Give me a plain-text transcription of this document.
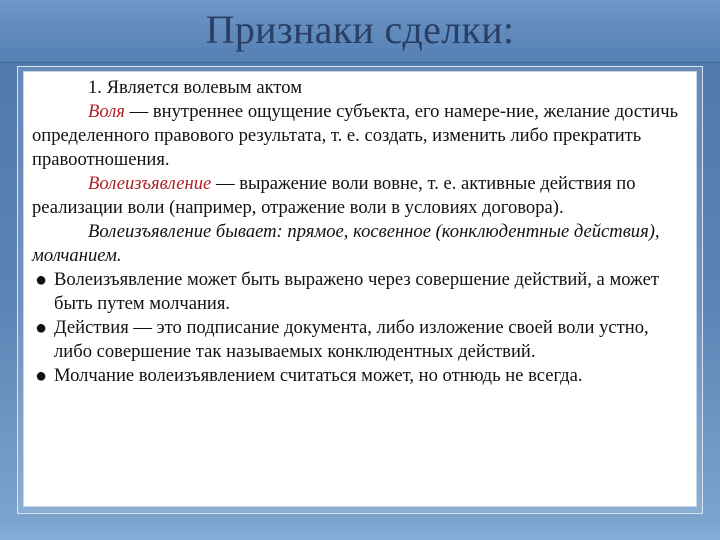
Признаки сделки:

1. Является волевым актом

Воля — внутреннее ощущение субъекта, его намере-ние, желание достичь определенного правового результата, т. е. создать, изменить либо прекратить правоотношения.

Волеизъявление — выражение воли вовне, т. е. активные действия по реализации воли (например, отражение воли в условиях договора).

Волеизъявление бывает: прямое, косвенное (конклюдентные действия), молчанием.

● Волеизъявление может быть выражено через совершение действий, а может быть путем молчания.

● Действия — это подписание документа, либо изложение своей воли устно, либо совершение так называемых конклюдентных действий.

● Молчание волеизъявлением считаться может, но отнюдь не всегда.
